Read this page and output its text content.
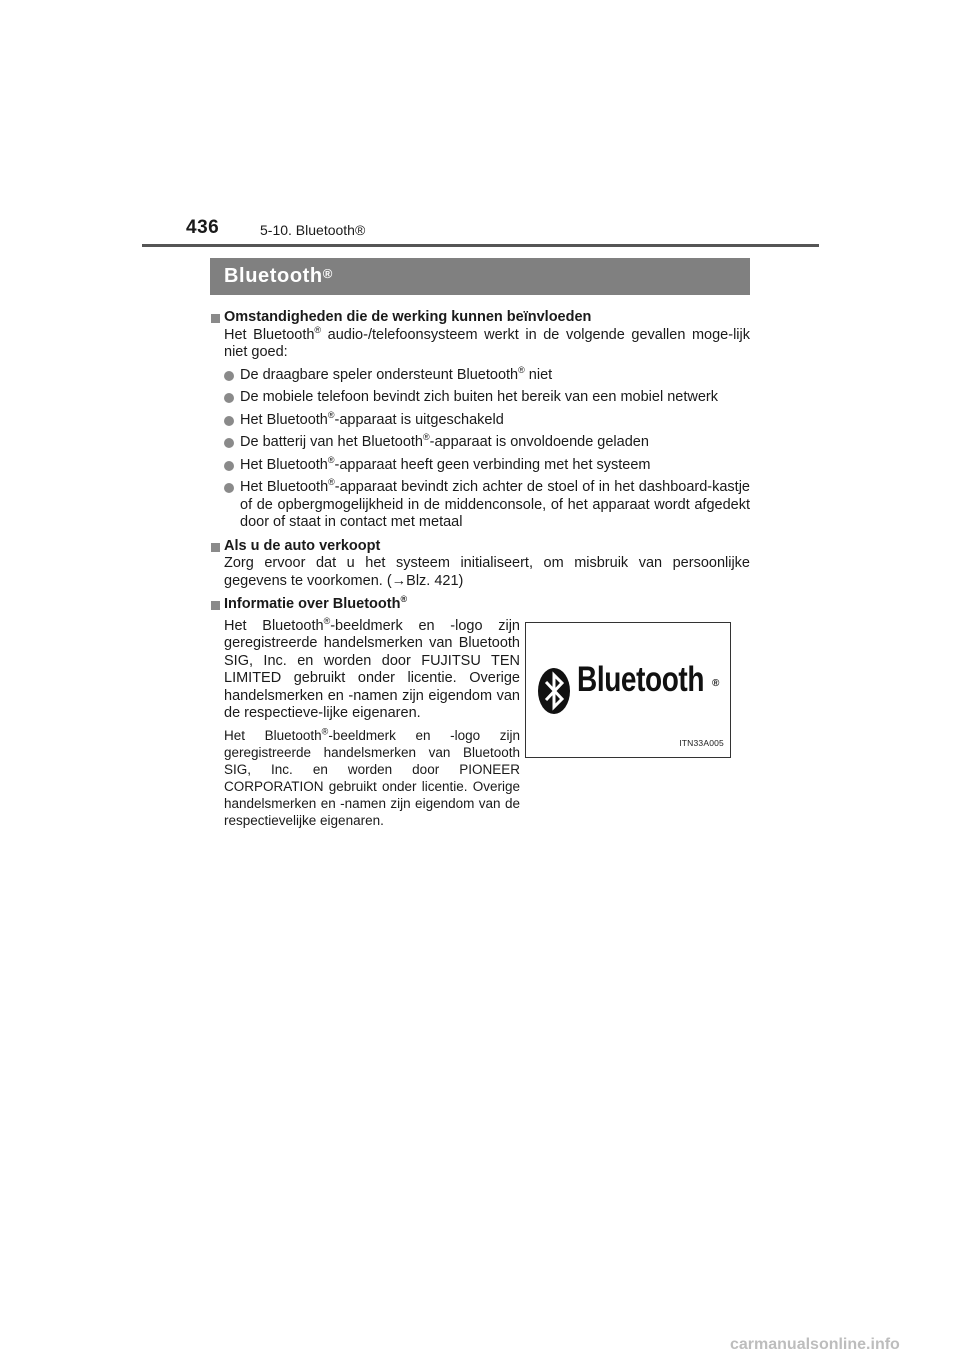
436	5-10. Bluetooth®
Bluetooth®
Omstandigheden die de werking kunnen beïnvloeden
Het Bluetooth® audio-/telefoonsysteem werkt in de volgende gevallen moge-lijk niet goed:
De draagbare speler ondersteunt Bluetooth® niet
De mobiele telefoon bevindt zich buiten het bereik van een mobiel netwerk
Het Bluetooth®-apparaat is uitgeschakeld
De batterij van het Bluetooth®-apparaat is onvoldoende geladen
Het Bluetooth®-apparaat heeft geen verbinding met het systeem
Het Bluetooth®-apparaat bevindt zich achter de stoel of in het dashboard-kastje of de opbergmogelijkheid in de middenconsole, of het apparaat wordt afgedekt door of staat in contact met metaal
Als u de auto verkoopt
Zorg ervoor dat u het systeem initialiseert, om misbruik van persoonlijke gegevens te voorkomen. (→Blz. 421)
Informatie over Bluetooth®

Het Bluetooth®-beeldmerk en -logo zijn geregistreerde handelsmerken van Bluetooth SIG, Inc. en worden door FUJITSU TEN LIMITED gebruikt onder licentie. Overige handelsmerken en -namen zijn eigendom van de respectieve-lijke eigenaren.

Het Bluetooth®-beeldmerk en -logo zijn geregistreerde handelsmerken van Bluetooth SIG, Inc. en worden door PIONEER CORPORATION gebruikt onder licentie. Overige handelsmerken en -namen zijn eigendom van de respectievelijke eigenaren.

Bluetooth ®
ITN33A005
carmanualsonline.info
